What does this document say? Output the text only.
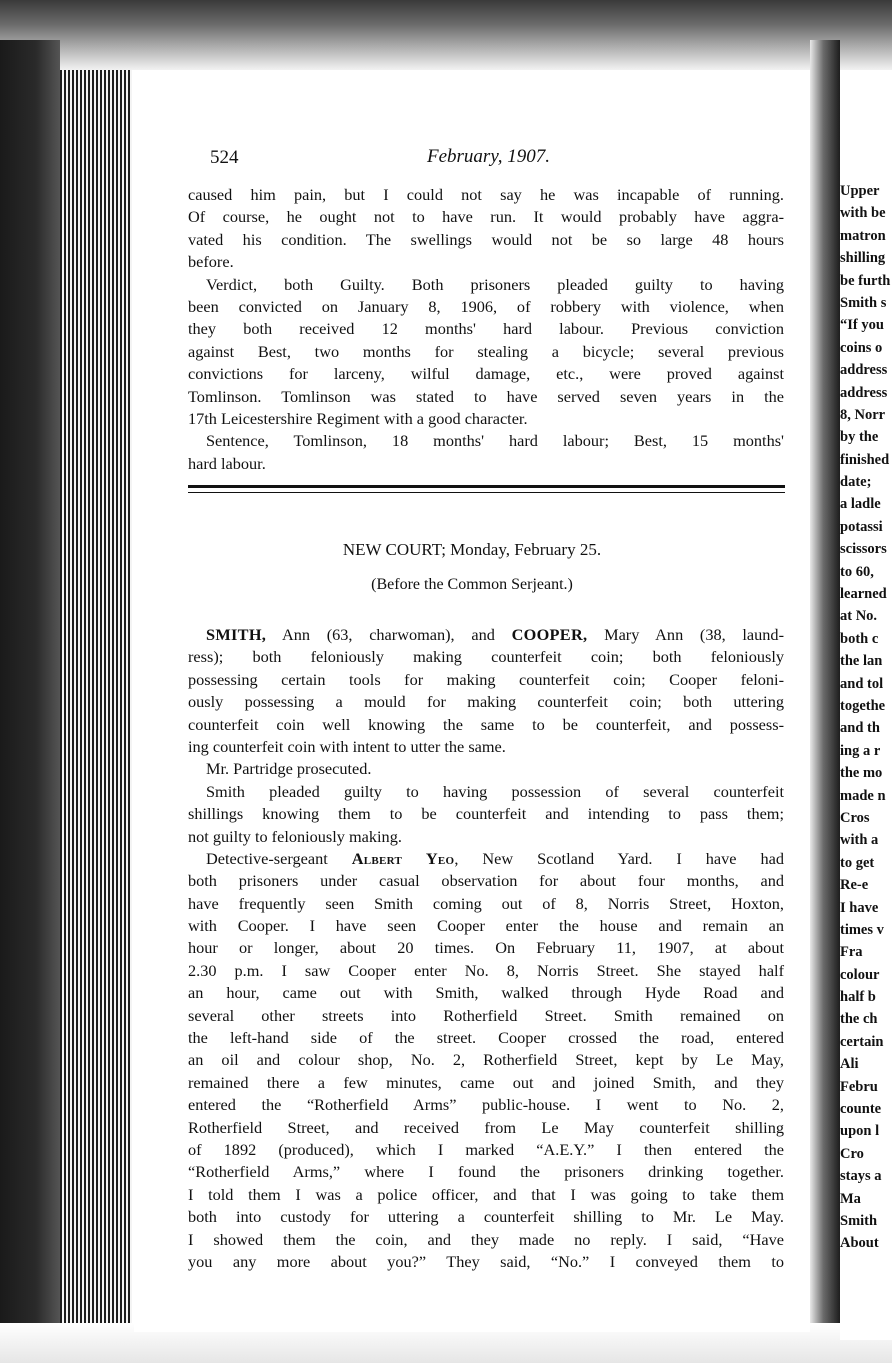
524	February, 1907.
caused him pain, but I could not say he was incapable of running.
Of course, he ought not to have run. It would probably have aggra-
vated his condition. The swellings would not be so large 48 hours
before.
Verdict, both Guilty. Both prisoners pleaded guilty to having
been convicted on January 8, 1906, of robbery with violence, when
they both received 12 months' hard labour. Previous conviction
against Best, two months for stealing a bicycle; several previous
convictions for larceny, wilful damage, etc., were proved against
Tomlinson. Tomlinson was stated to have served seven years in the
17th Leicestershire Regiment with a good character.
Sentence, Tomlinson, 18 months' hard labour; Best, 15 months'
hard labour.
NEW COURT; Monday, February 25.
(Before the Common Serjeant.)
SMITH, Ann (63, charwoman), and COOPER, Mary Ann (38, laund-
ress); both feloniously making counterfeit coin; both feloniously
possessing certain tools for making counterfeit coin; Cooper feloni-
ously possessing a mould for making counterfeit coin; both uttering
counterfeit coin well knowing the same to be counterfeit, and possess-
ing counterfeit coin with intent to utter the same.
Mr. Partridge prosecuted.
Smith pleaded guilty to having possession of several counterfeit
shillings knowing them to be counterfeit and intending to pass them;
not guilty to feloniously making.
Detective-sergeant Albert Yeo, New Scotland Yard. I have had
both prisoners under casual observation for about four months, and
have frequently seen Smith coming out of 8, Norris Street, Hoxton,
with Cooper. I have seen Cooper enter the house and remain an
hour or longer, about 20 times. On February 11, 1907, at about
2.30 p.m. I saw Cooper enter No. 8, Norris Street. She stayed half
an hour, came out with Smith, walked through Hyde Road and
several other streets into Rotherfield Street. Smith remained on
the left-hand side of the street. Cooper crossed the road, entered
an oil and colour shop, No. 2, Rotherfield Street, kept by Le May,
remained there a few minutes, came out and joined Smith, and they
entered the “Rotherfield Arms” public-house. I went to No. 2,
Rotherfield Street, and received from Le May counterfeit shilling
of 1892 (produced), which I marked “A.E.Y.” I then entered the
“Rotherfield Arms,” where I found the prisoners drinking together.
I told them I was a police officer, and that I was going to take them
both into custody for uttering a counterfeit shilling to Mr. Le May.
I showed them the coin, and they made no reply. I said, “Have
you any more about you?” They said, “No.” I conveyed them to
Upper
with be
matron
shilling
be furth
Smith s
“If you
coins o
address
address
8, Norr
by the
finished
date;
a ladle
potassi
scissors
to 60,
learned
at No.
both c
the lan
and tol
togethe
and th
ing a r
the mo
made n
Cros
with a
to get
Re-e
I have
times v
Fra
colour
half b
the ch
certain
Ali
Febru
counte
upon l
Cro
stays a
Ma
Smith
About
